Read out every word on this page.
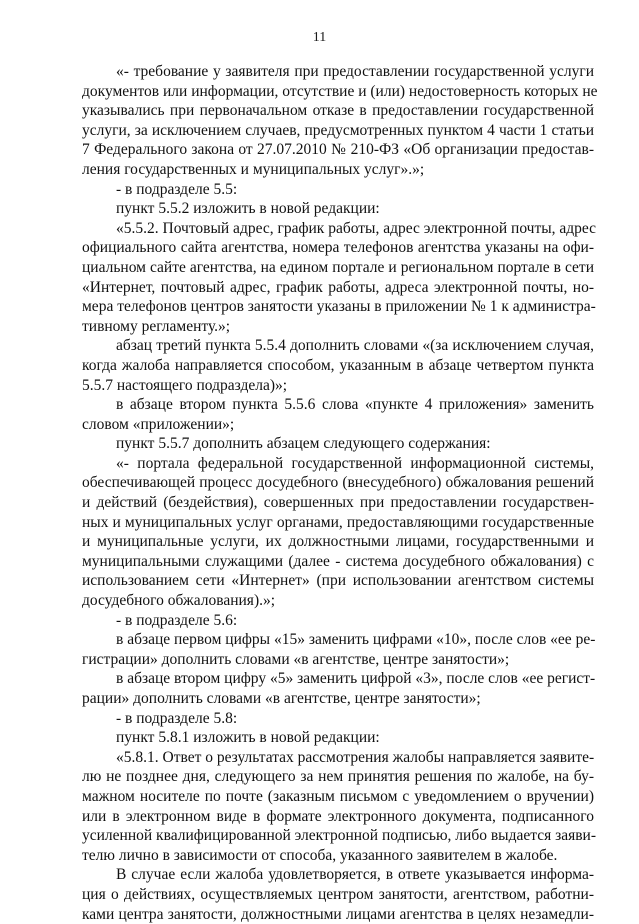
11
«- требование у заявителя при предоставлении государственной услуги
документов или информации, отсутствие и (или) недостоверность которых не
указывались при первоначальном отказе в предоставлении государственной
услуги, за исключением случаев, предусмотренных пунктом 4 части 1 статьи
7 Федерального закона от 27.07.2010 № 210-ФЗ «Об организации предостав-
ления государственных и муниципальных услуг».»;
- в подразделе 5.5:
пункт 5.5.2 изложить в новой редакции:
«5.5.2. Почтовый адрес, график работы, адрес электронной почты, адрес
официального сайта агентства, номера телефонов агентства указаны на офи-
циальном сайте агентства, на едином портале и региональном портале в сети
«Интернет, почтовый адрес, график работы, адреса электронной почты, но-
мера телефонов центров занятости указаны в приложении № 1 к администра-
тивному регламенту.»;
абзац третий пункта 5.5.4 дополнить словами «(за исключением случая,
когда жалоба направляется способом, указанным в абзаце четвертом пункта
5.5.7 настоящего подраздела)»;
в абзаце втором пункта 5.5.6 слова «пункте 4 приложения» заменить
словом «приложении»;
пункт 5.5.7 дополнить абзацем следующего содержания:
«- портала федеральной государственной информационной системы,
обеспечивающей процесс досудебного (внесудебного) обжалования решений
и действий (бездействия), совершенных при предоставлении государствен-
ных и муниципальных услуг органами, предоставляющими государственные
и муниципальные услуги, их должностными лицами, государственными и
муниципальными служащими (далее - система досудебного обжалования) с
использованием сети «Интернет» (при использовании агентством системы
досудебного обжалования).»;
- в подразделе 5.6:
в абзаце первом цифры «15» заменить цифрами «10», после слов «ее ре-
гистрации» дополнить словами «в агентстве, центре занятости»;
в абзаце втором цифру «5» заменить цифрой «3», после слов «ее регист-
рации» дополнить словами «в агентстве, центре занятости»;
- в подразделе 5.8:
пункт 5.8.1 изложить в новой редакции:
«5.8.1. Ответ о результатах рассмотрения жалобы направляется заявите-
лю не позднее дня, следующего за нем принятия решения по жалобе, на бу-
мажном носителе по почте (заказным письмом с уведомлением о вручении)
или в электронном виде в формате электронного документа, подписанного
усиленной квалифицированной электронной подписью, либо выдается заяви-
телю лично в зависимости от способа, указанного заявителем в жалобе.
В случае если жалоба удовлетворяется, в ответе указывается информа-
ция о действиях, осуществляемых центром занятости, агентством, работни-
ками центра занятости, должностными лицами агентства в целях незамедли-
